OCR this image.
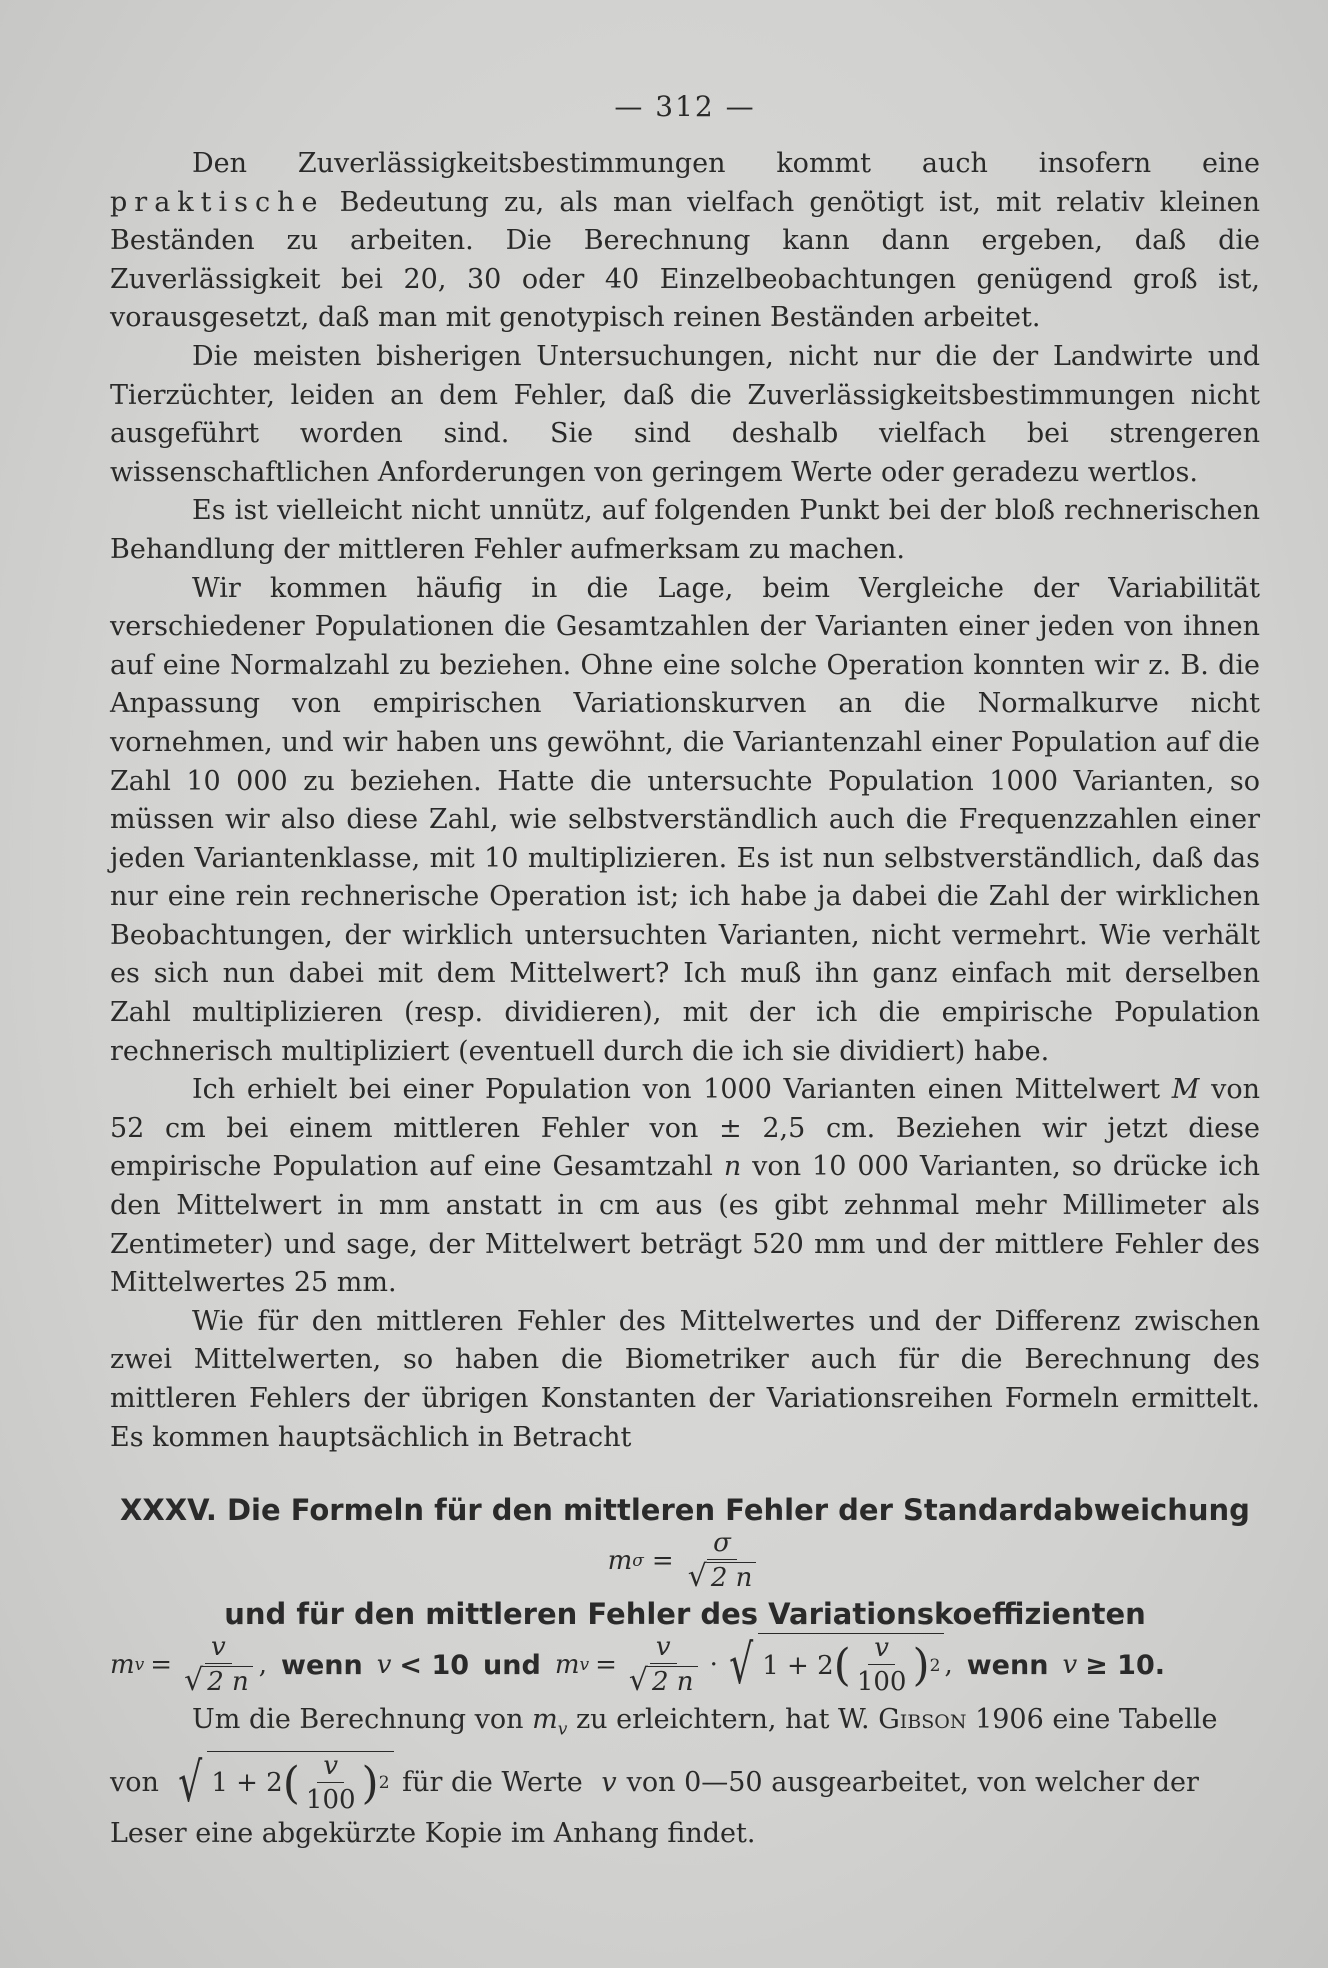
— 312 —

Den Zuverlässigkeitsbestimmungen kommt auch insofern eine praktische Bedeutung zu, als man vielfach genötigt ist, mit relativ kleinen Beständen zu arbeiten. Die Berechnung kann dann ergeben, daß die Zuverlässigkeit bei 20, 30 oder 40 Einzelbeobachtungen genügend groß ist, vorausgesetzt, daß man mit genotypisch reinen Beständen arbeitet.

Die meisten bisherigen Untersuchungen, nicht nur die der Landwirte und Tierzüchter, leiden an dem Fehler, daß die Zuverlässigkeitsbestimmungen nicht ausgeführt worden sind. Sie sind deshalb vielfach bei strengeren wissenschaftlichen Anforderungen von geringem Werte oder geradezu wertlos.

Es ist vielleicht nicht unnütz, auf folgenden Punkt bei der bloß rechnerischen Behandlung der mittleren Fehler aufmerksam zu machen.

Wir kommen häufig in die Lage, beim Vergleiche der Variabilität verschiedener Populationen die Gesamtzahlen der Varianten einer jeden von ihnen auf eine Normalzahl zu beziehen. Ohne eine solche Operation konnten wir z. B. die Anpassung von empirischen Variationskurven an die Normalkurve nicht vornehmen, und wir haben uns gewöhnt, die Variantenzahl einer Population auf die Zahl 10 000 zu beziehen. Hatte die untersuchte Population 1000 Varianten, so müssen wir also diese Zahl, wie selbstverständlich auch die Frequenzzahlen einer jeden Variantenklasse, mit 10 multiplizieren. Es ist nun selbstverständlich, daß das nur eine rein rechnerische Operation ist; ich habe ja dabei die Zahl der wirklichen Beobachtungen, der wirklich untersuchten Varianten, nicht vermehrt. Wie verhält es sich nun dabei mit dem Mittelwert? Ich muß ihn ganz einfach mit derselben Zahl multiplizieren (resp. dividieren), mit der ich die empirische Population rechnerisch multipliziert (eventuell durch die ich sie dividiert) habe.

Ich erhielt bei einer Population von 1000 Varianten einen Mittelwert M von 52 cm bei einem mittleren Fehler von ± 2,5 cm. Beziehen wir jetzt diese empirische Population auf eine Gesamtzahl n von 10 000 Varianten, so drücke ich den Mittelwert in mm anstatt in cm aus (es gibt zehnmal mehr Millimeter als Zentimeter) und sage, der Mittelwert beträgt 520 mm und der mittlere Fehler des Mittelwertes 25 mm.

Wie für den mittleren Fehler des Mittelwertes und der Differenz zwischen zwei Mittelwerten, so haben die Biometriker auch für die Berechnung des mittleren Fehlers der übrigen Konstanten der Variationsreihen Formeln ermittelt. Es kommen hauptsächlich in Betracht

XXXV. Die Formeln für den mittleren Fehler der Standardabweichung
m $\sigma = \frac{\sigma}{√ 2 n}$
und für den mittleren Fehler des Variationskoeffizienten
m $v = \frac{v}{√ 2 n}$ , wenn v < 10 und m $v = \frac{v}{√ 2 n}$ · √ 1 + 2 ( $\frac{v}{100}$ ) 2 , wenn v ≥ 10.

Um die Berechnung von $m_v$ zu erleichtern, hat W. Gibson 1906 eine Tabelle

von √ 1 + 2 ( $\frac{v}{100}$ ) 2 für die Werte v von 0—50 ausgearbeitet, von welcher der
Leser eine abgekürzte Kopie im Anhang findet.
